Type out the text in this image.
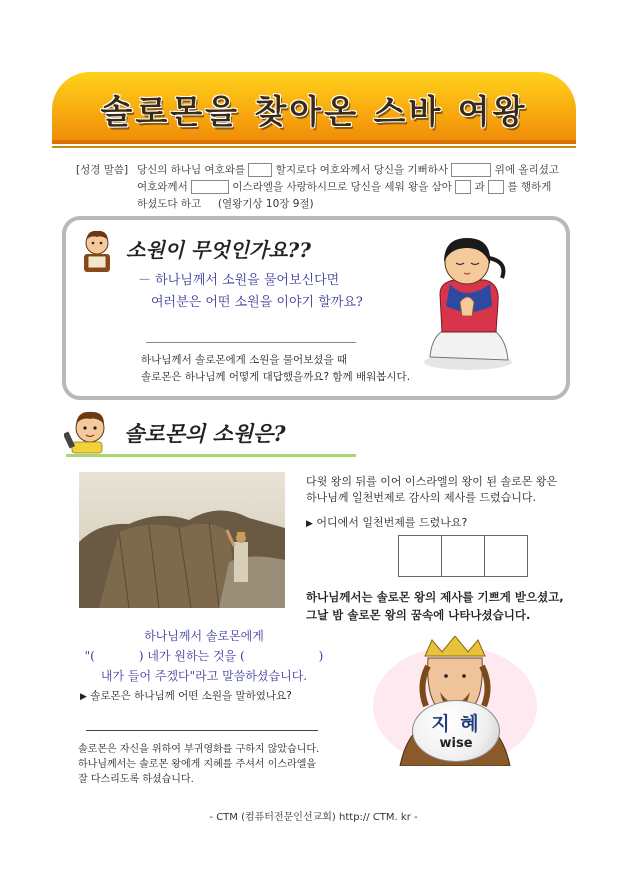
솔로몬을 찾아온 스바 여왕
[성경 말씀] 당신의 하나님 여호와를	할지로다 여호와께서 당신을 기뻐하사	위에 올리셨고
여호와께서	이스라엘을 사랑하시므로 당신을 세워 왕을 삼아 과 를 행하게
하셨도다 하고 (열왕기상 10장 9절)
소원이 무엇인가요??
－ 하나님께서 소원을 물어보신다면
여러분은 어떤 소원을 이야기 할까요?
하나님께서 솔로몬에게 소원을 물어보셨을 때
솔로몬은 하나님께 어떻게 대답했을까요? 함께 배워봅시다.
솔로몬의 소원은?
다윗 왕의 뒤를 이어 이스라엘의 왕이 된 솔로몬 왕은
하나님께 일천번제로 감사의 제사를 드렸습니다.
▶ 어디에서 일천번제를 드렸나요?
하나님께서는 솔로몬 왕의 제사를 기쁘게 받으셨고,
그날 밤 솔로몬 왕의 꿈속에 나타나셨습니다.
하나님께서 솔로몬에게
"(	) 네가 원하는 것을 (	)
내가 들어 주겠다"라고 말씀하셨습니다.
▶ 솔로몬은 하나님께 어떤 소원을 말하였나요?
솔로몬은 자신을 위하여 부귀영화를 구하지 않았습니다.
하나님께서는 솔로몬 왕에게 지혜를 주셔서 이스라엘을
잘 다스리도록 하셨습니다.
지 혜
wise
- CTM (컴퓨터전문인선교회) http:// CTM. kr -
